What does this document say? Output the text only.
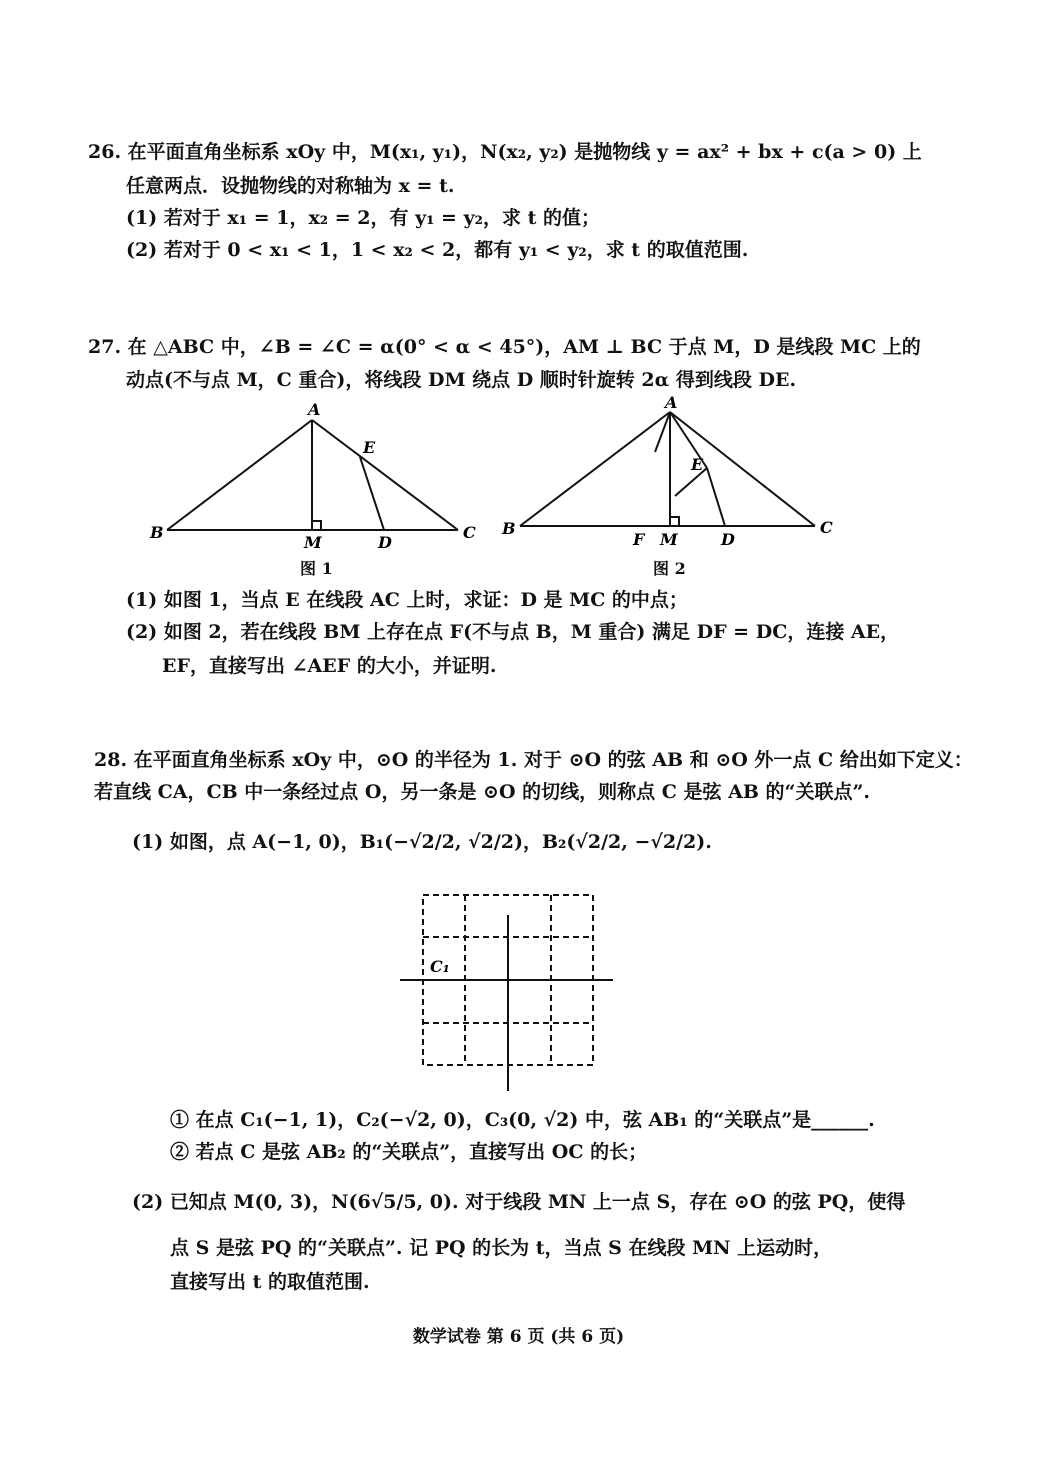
26. 在平面直角坐标系 xOy 中，M(x₁, y₁)，N(x₂, y₂) 是抛物线 y = ax² + bx + c(a > 0) 上
任意两点．设抛物线的对称轴为 x = t.
(1) 若对于 x₁ = 1，x₂ = 2，有 y₁ = y₂，求 t 的值；
(2) 若对于 0 < x₁ < 1，1 < x₂ < 2，都有 y₁ < y₂，求 t 的取值范围.
27. 在 △ABC 中，∠B = ∠C = α(0° < α < 45°)，AM ⊥ BC 于点 M，D 是线段 MC 上的
动点(不与点 M，C 重合)，将线段 DM 绕点 D 顺时针旋转 2α 得到线段 DE.
A
E
B
M	D
C
图 1
A
E
B
F M	D
C
图 2
(1) 如图 1，当点 E 在线段 AC 上时，求证：D 是 MC 的中点；
(2) 如图 2，若在线段 BM 上存在点 F(不与点 B，M 重合) 满足 DF = DC，连接 AE，
EF，直接写出 ∠AEF 的大小，并证明.
28. 在平面直角坐标系 xOy 中，⊙O 的半径为 1. 对于 ⊙O 的弦 AB 和 ⊙O 外一点 C 给出如下定义：
若直线 CA，CB 中一条经过点 O，另一条是 ⊙O 的切线，则称点 C 是弦 AB 的“关联点”.
(1) 如图，点 A(−1, 0)，B₁(−√2/2, √2/2)，B₂(√2/2, −√2/2).
C₁
① 在点 C₁(−1, 1)，C₂(−√2, 0)，C₃(0, √2) 中，弦 AB₁ 的“关联点”是______.
② 若点 C 是弦 AB₂ 的“关联点”，直接写出 OC 的长；
(2) 已知点 M(0, 3)，N(6√5/5, 0). 对于线段 MN 上一点 S，存在 ⊙O 的弦 PQ，使得
点 S 是弦 PQ 的“关联点”. 记 PQ 的长为 t，当点 S 在线段 MN 上运动时，
直接写出 t 的取值范围.
数学试卷 第 6 页 (共 6 页)
